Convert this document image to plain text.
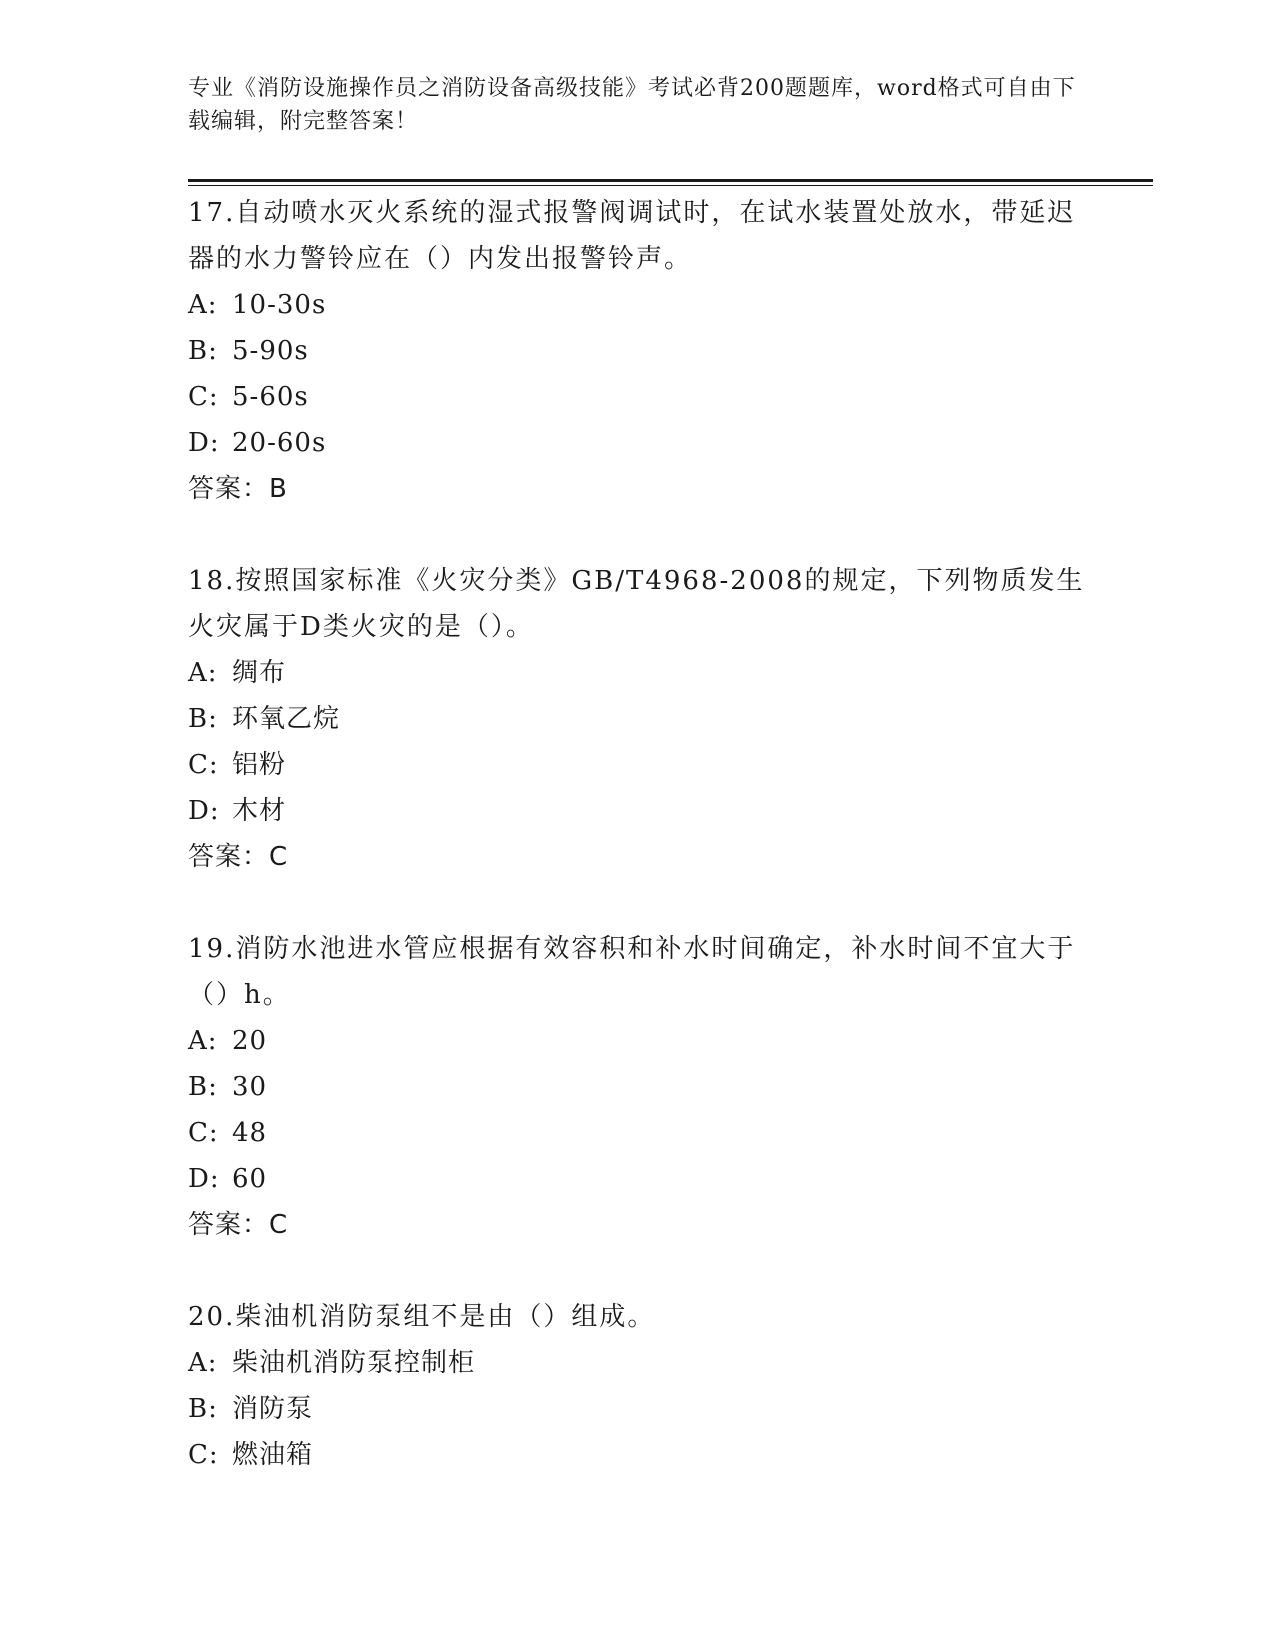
专业《消防设施操作员之消防设备高级技能》考试必背200题题库，word格式可自由下载编辑，附完整答案！
17.自动喷水灭火系统的湿式报警阀调试时，在试水装置处放水，带延迟器的水力警铃应在（）内发出报警铃声。
A: 10-30s
B: 5-90s
C: 5-60s
D: 20-60s
答案：B
18.按照国家标准《火灾分类》GB/T4968-2008的规定，下列物质发生火灾属于D类火灾的是（）。
A: 绸布
B: 环氧乙烷
C: 铝粉
D: 木材
答案：C
19.消防水池进水管应根据有效容积和补水时间确定，补水时间不宜大于（）h。
A: 20
B: 30
C: 48
D: 60
答案：C
20.柴油机消防泵组不是由（）组成。
A: 柴油机消防泵控制柜
B: 消防泵
C: 燃油箱
